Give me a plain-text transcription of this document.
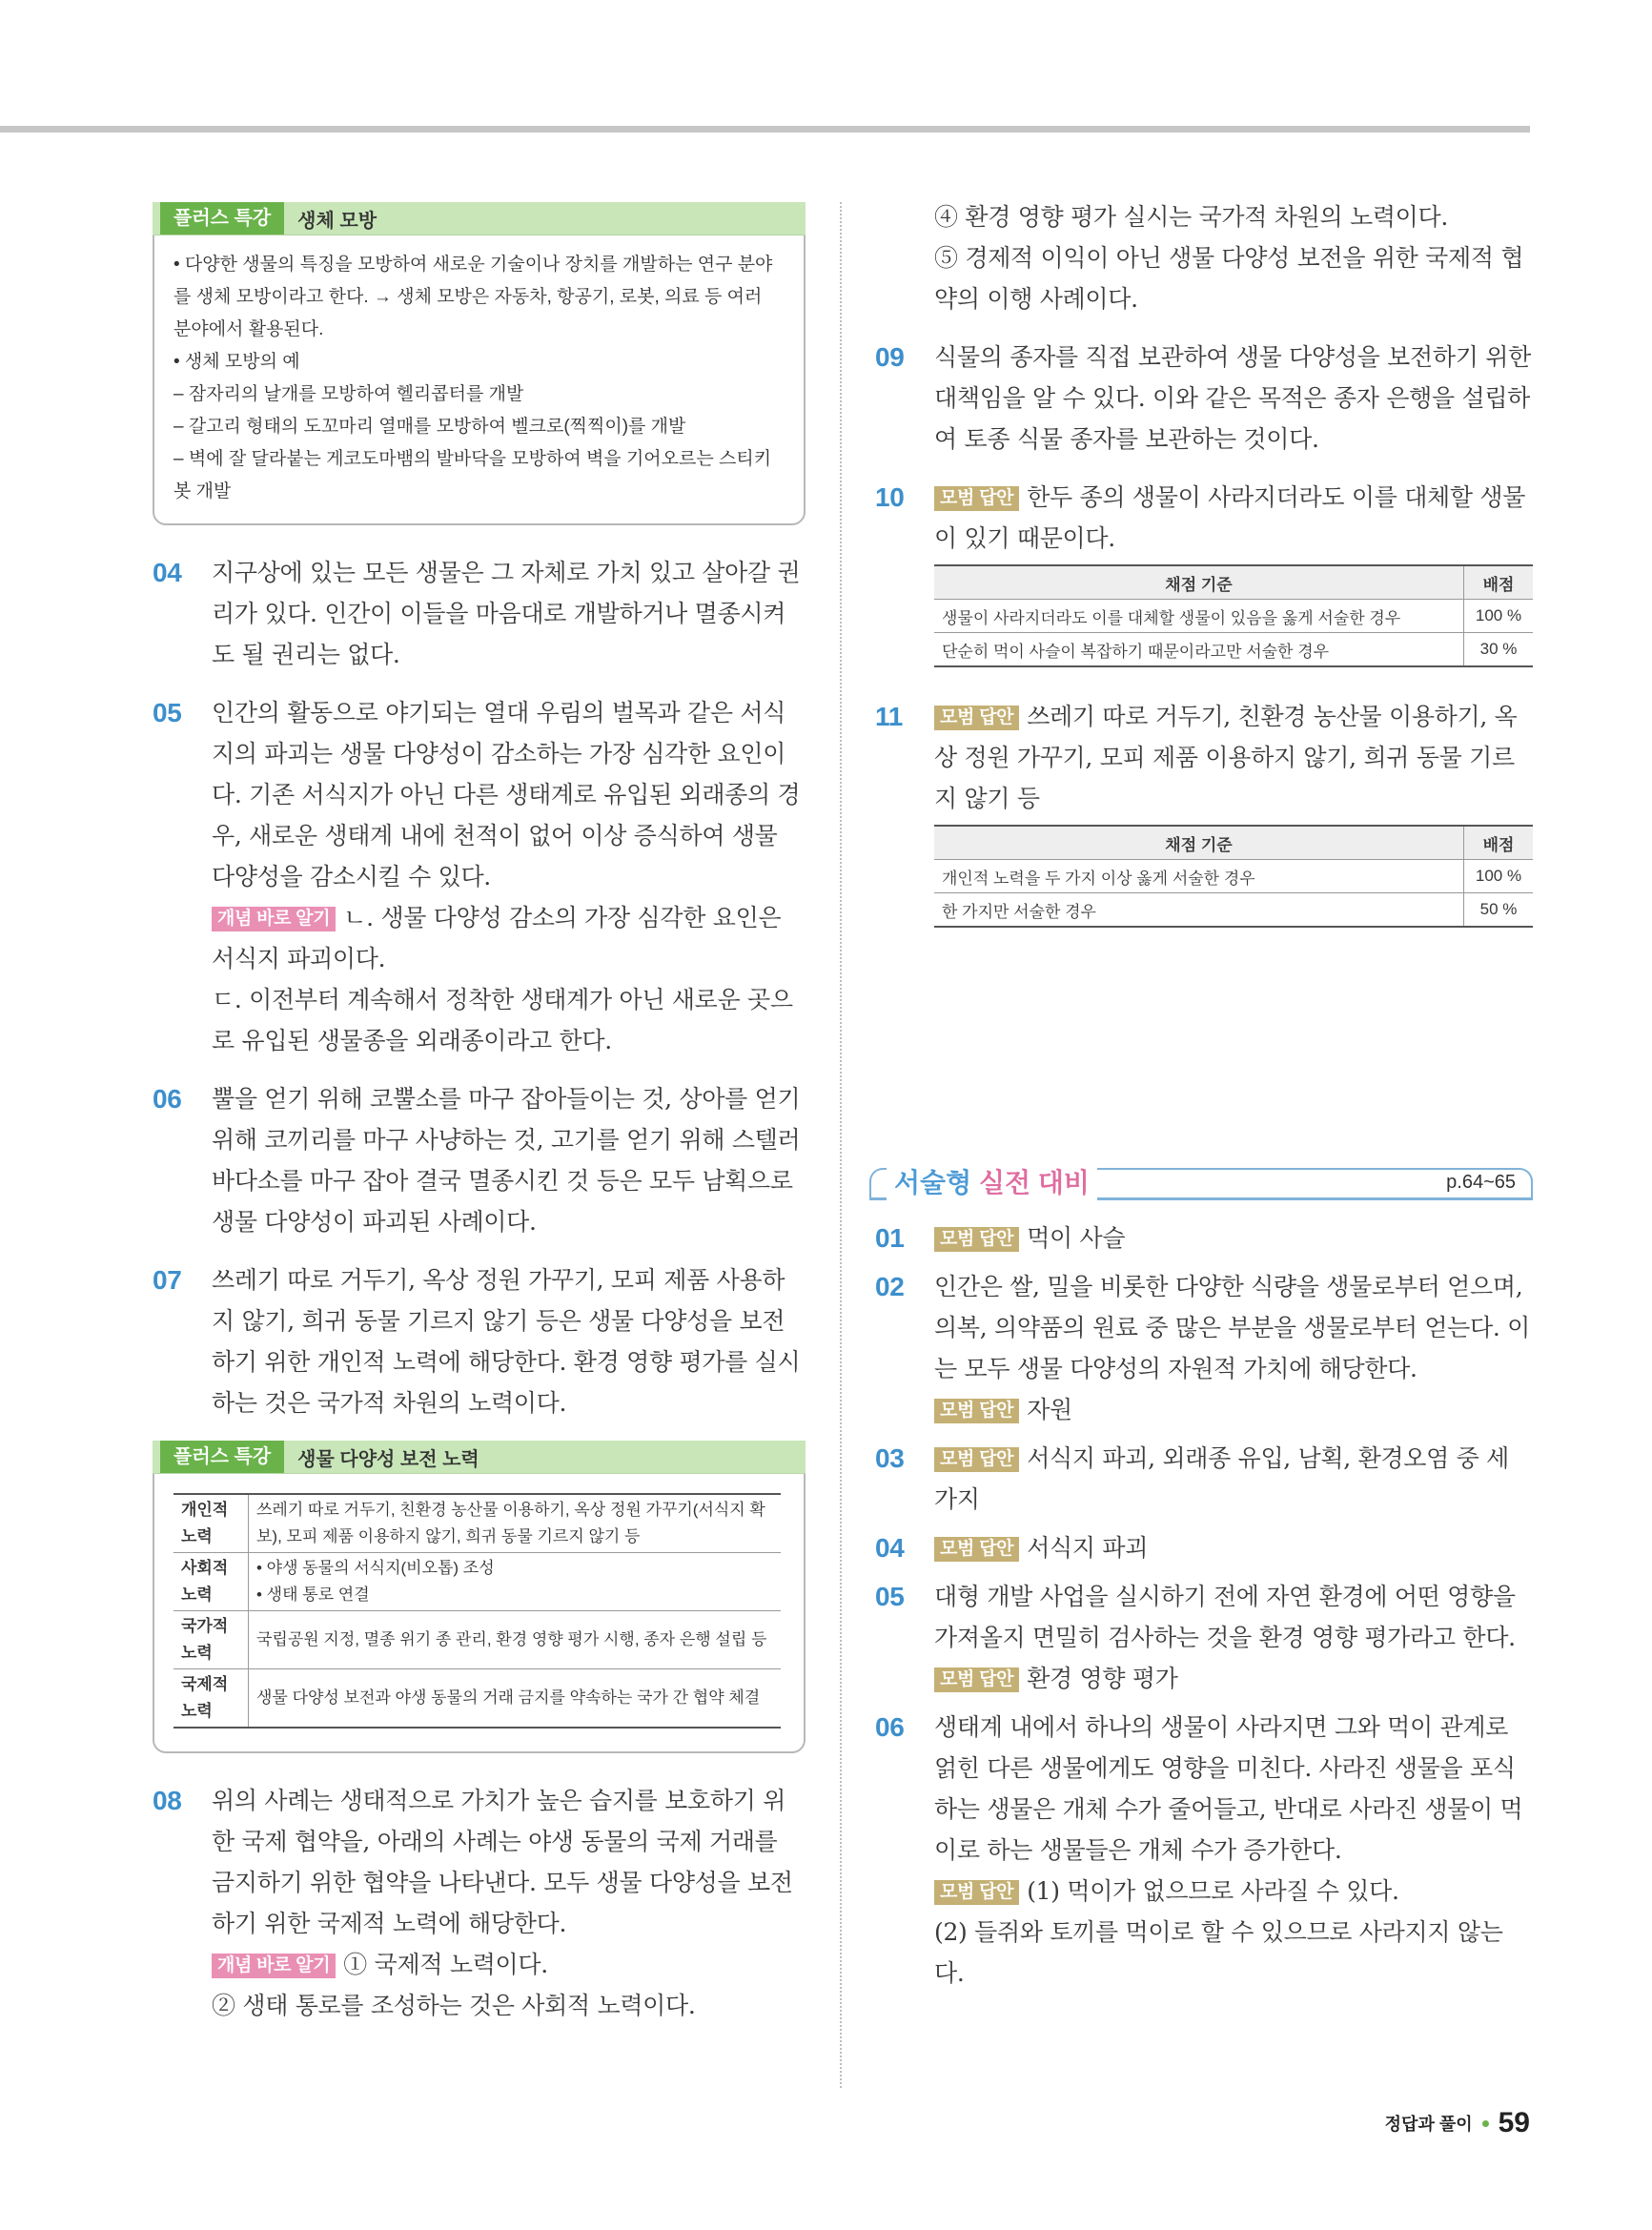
플러스 특강	생체 모방
• 다양한 생물의 특징을 모방하여 새로운 기술이나 장치를 개발하는 연구 분야를 생체 모방이라고 한다. → 생체 모방은 자동차, 항공기, 로봇, 의료 등 여러 분야에서 활용된다.
• 생체 모방의 예
– 잠자리의 날개를 모방하여 헬리콥터를 개발
– 갈고리 형태의 도꼬마리 열매를 모방하여 벨크로(찍찍이)를 개발
– 벽에 잘 달라붙는 게코도마뱀의 발바닥을 모방하여 벽을 기어오르는 스티키봇 개발
04 지구상에 있는 모든 생물은 그 자체로 가치 있고 살아갈 권리가 있다. 인간이 이들을 마음대로 개발하거나 멸종시켜도 될 권리는 없다.

05 인간의 활동으로 야기되는 열대 우림의 벌목과 같은 서식지의 파괴는 생물 다양성이 감소하는 가장 심각한 요인이다. 기존 서식지가 아닌 다른 생태계로 유입된 외래종의 경우, 새로운 생태계 내에 천적이 없어 이상 증식하여 생물 다양성을 감소시킬 수 있다.

개념 바로 알기 ㄴ. 생물 다양성 감소의 가장 심각한 요인은 서식지 파괴이다.

ㄷ. 이전부터 계속해서 정착한 생태계가 아닌 새로운 곳으로 유입된 생물종을 외래종이라고 한다.

06 뿔을 얻기 위해 코뿔소를 마구 잡아들이는 것, 상아를 얻기 위해 코끼리를 마구 사냥하는 것, 고기를 얻기 위해 스텔러바다소를 마구 잡아 결국 멸종시킨 것 등은 모두 남획으로 생물 다양성이 파괴된 사례이다.

07 쓰레기 따로 거두기, 옥상 정원 가꾸기, 모피 제품 사용하지 않기, 희귀 동물 기르지 않기 등은 생물 다양성을 보전하기 위한 개인적 노력에 해당한다. 환경 영향 평가를 실시하는 것은 국가적 차원의 노력이다.

플러스 특강	생물 다양성 보전 노력
개인적 노력	쓰레기 따로 거두기, 친환경 농산물 이용하기, 옥상 정원 가꾸기(서식지 확보), 모피 제품 이용하지 않기, 희귀 동물 기르지 않기 등
사회적 노력	• 야생 동물의 서식지(비오톱) 조성
• 생태 통로 연결
국가적 노력	국립공원 지정, 멸종 위기 종 관리, 환경 영향 평가 시행, 종자 은행 설립 등
국제적 노력	생물 다양성 보전과 야생 동물의 거래 금지를 약속하는 국가 간 협약 체결
08 위의 사례는 생태적으로 가치가 높은 습지를 보호하기 위한 국제 협약을, 아래의 사례는 야생 동물의 국제 거래를 금지하기 위한 협약을 나타낸다. 모두 생물 다양성을 보전하기 위한 국제적 노력에 해당한다.

개념 바로 알기 ① 국제적 노력이다.

② 생태 통로를 조성하는 것은 사회적 노력이다.

④ 환경 영향 평가 실시는 국가적 차원의 노력이다.

⑤ 경제적 이익이 아닌 생물 다양성 보전을 위한 국제적 협약의 이행 사례이다.

09 식물의 종자를 직접 보관하여 생물 다양성을 보전하기 위한 대책임을 알 수 있다. 이와 같은 목적은 종자 은행을 설립하여 토종 식물 종자를 보관하는 것이다.

10	모범 답안 한두 종의 생물이 사라지더라도 이를 대체할 생물이 있기 때문이다.

채점 기준	배점
생물이 사라지더라도 이를 대체할 생물이 있음을 옳게 서술한 경우	100 %
단순히 먹이 사슬이 복잡하기 때문이라고만 서술한 경우	30 %
11	모범 답안 쓰레기 따로 거두기, 친환경 농산물 이용하기, 옥상 정원 가꾸기, 모피 제품 이용하지 않기, 희귀 동물 기르지 않기 등

채점 기준	배점
개인적 노력을 두 가지 이상 옳게 서술한 경우	100 %
한 가지만 서술한 경우	50 %
서술형 실전 대비	p.64~65
01	모범 답안 먹이 사슬

02 인간은 쌀, 밀을 비롯한 다양한 식량을 생물로부터 얻으며, 의복, 의약품의 원료 중 많은 부분을 생물로부터 얻는다. 이는 모두 생물 다양성의 자원적 가치에 해당한다.

모범 답안 자원

03	모범 답안 서식지 파괴, 외래종 유입, 남획, 환경오염 중 세 가지

04	모범 답안 서식지 파괴

05 대형 개발 사업을 실시하기 전에 자연 환경에 어떤 영향을 가져올지 면밀히 검사하는 것을 환경 영향 평가라고 한다.

모범 답안 환경 영향 평가

06 생태계 내에서 하나의 생물이 사라지면 그와 먹이 관계로 얽힌 다른 생물에게도 영향을 미친다. 사라진 생물을 포식하는 생물은 개체 수가 줄어들고, 반대로 사라진 생물이 먹이로 하는 생물들은 개체 수가 증가한다.

모범 답안 (1) 먹이가 없으므로 사라질 수 있다.

(2) 들쥐와 토끼를 먹이로 할 수 있으므로 사라지지 않는다.

정답과 풀이 59
